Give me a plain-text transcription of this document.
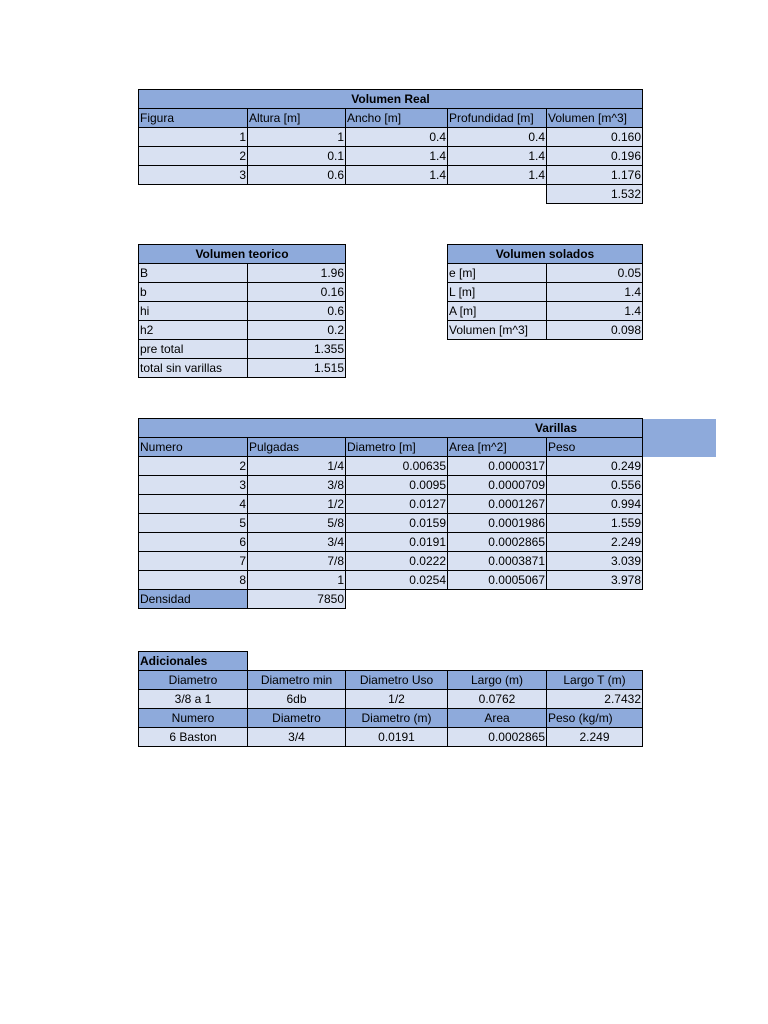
Volumen Real				
Figura	Altura [m]	Ancho [m]	Profundidad [m]	Volumen [m^3]
1	1	0.4	0.4	0.160
2	0.1	1.4	1.4	0.196
3	0.6	1.4	1.4	1.176
				1.532
Volumen teorico	
B	1.96
b	0.16
hi	0.6
h2	0.2
pre total	1.355
total sin varillas	1.515
Volumen solados	
e [m]	0.05
L [m]	1.4
A [m]	1.4
Volumen [m^3]	0.098
Varillas				
Numero	Pulgadas	Diametro [m]	Area [m^2]	Peso
2	1/4	0.00635	0.0000317	0.249
3	3/8	0.0095	0.0000709	0.556
4	1/2	0.0127	0.0001267	0.994
5	5/8	0.0159	0.0001986	1.559
6	3/4	0.0191	0.0002865	2.249
7	7/8	0.0222	0.0003871	3.039
8	1	0.0254	0.0005067	3.978
Densidad	7850			
Adicionales				
Diametro	Diametro min	Diametro Uso	Largo (m)	Largo T (m)
3/8 a 1	6db	1/2	0.0762	2.7432
Numero	Diametro	Diametro (m)	Area	Peso (kg/m)
6 Baston	3/4	0.0191	0.0002865	2.249
